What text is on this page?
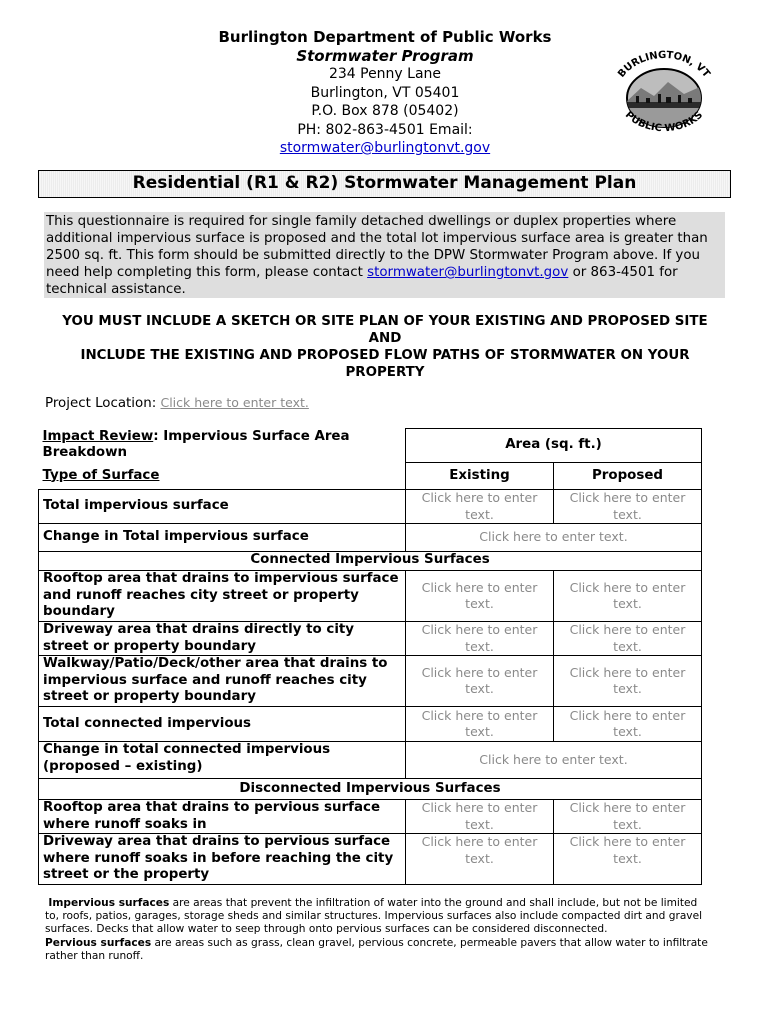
Burlington Department of Public Works
Stormwater Program
234 Penny Lane
Burlington, VT 05401
P.O. Box 878 (05402)
PH: 802-863-4501 Email:
stormwater@burlingtonvt.gov
BURLINGTON, VT
PUBLIC WORKS
Residential (R1 & R2) Stormwater Management Plan
This questionnaire is required for single family detached dwellings or duplex properties where additional impervious surface is proposed and the total lot impervious surface area is greater than 2500 sq. ft. This form should be submitted directly to the DPW Stormwater Program above. If you need help completing this form, please contact stormwater@burlingtonvt.gov or 863-4501 for technical assistance.
YOU MUST INCLUDE A SKETCH OR SITE PLAN OF YOUR EXISTING AND PROPOSED SITE
AND
INCLUDE THE EXISTING AND PROPOSED FLOW PATHS OF STORMWATER ON YOUR PROPERTY
Project Location: Click here to enter text.
Impact Review: Impervious Surface Area Breakdown	Area (sq. ft.)	
Type of Surface	Existing	Proposed
Total impervious surface	Click here to enter text.	Click here to enter text.
Change in Total impervious surface	Click here to enter text.	
Connected Impervious Surfaces		
Rooftop area that drains to impervious surface and runoff reaches city street or property boundary	Click here to enter text.	Click here to enter text.
Driveway area that drains directly to city street or property boundary	Click here to enter text.	Click here to enter text.
Walkway/Patio/Deck/other area that drains to impervious surface and runoff reaches city street or property boundary	Click here to enter text.	Click here to enter text.
Total connected impervious	Click here to enter text.	Click here to enter text.
Change in total connected impervious (proposed – existing)	Click here to enter text.	
Disconnected Impervious Surfaces		
Rooftop area that drains to pervious surface where runoff soaks in	Click here to enter text.	Click here to enter text.
Driveway area that drains to pervious surface where runoff soaks in before reaching the city street or the property	Click here to enter text.	Click here to enter text.
Impervious surfaces are areas that prevent the infiltration of water into the ground and shall include, but not be limited to, roofs, patios, garages, storage sheds and similar structures. Impervious surfaces also include compacted dirt and gravel surfaces. Decks that allow water to seep through onto pervious surfaces can be considered disconnected.
Pervious surfaces are areas such as grass, clean gravel, pervious concrete, permeable pavers that allow water to infiltrate rather than runoff.
